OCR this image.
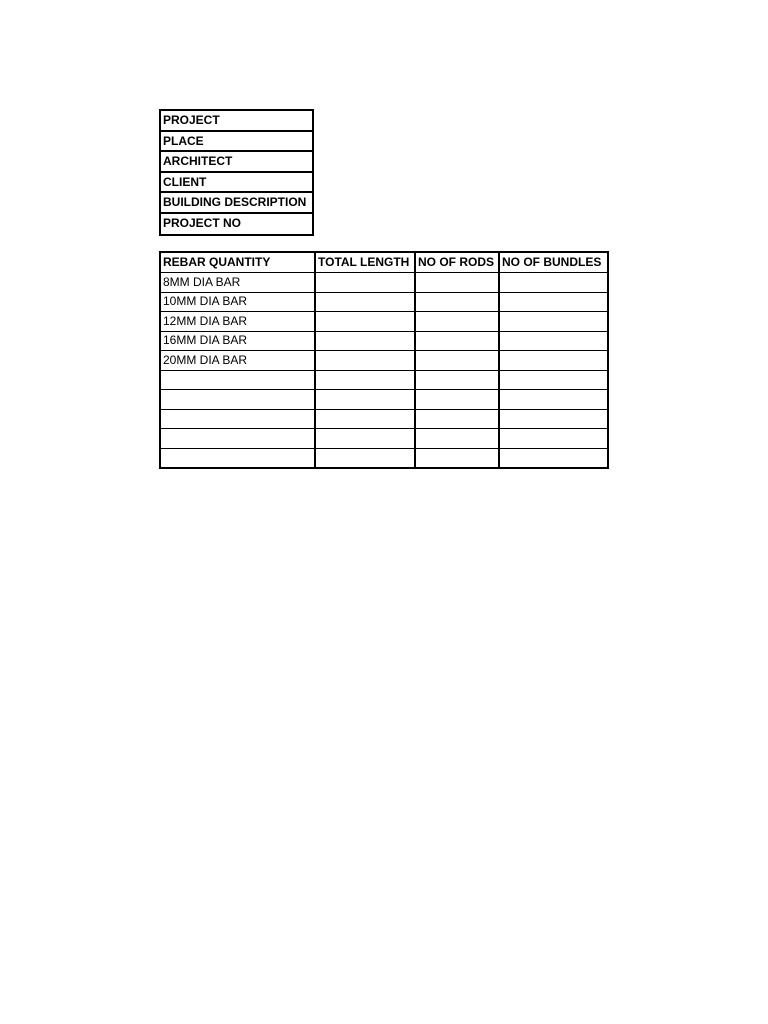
PROJECT
PLACE
ARCHITECT
CLIENT
BUILDING DESCRIPTION
PROJECT NO
REBAR QUANTITY	TOTAL LENGTH	NO OF RODS	NO OF BUNDLES
8MM DIA BAR			
10MM DIA BAR			
12MM DIA BAR			
16MM DIA BAR			
20MM DIA BAR			
